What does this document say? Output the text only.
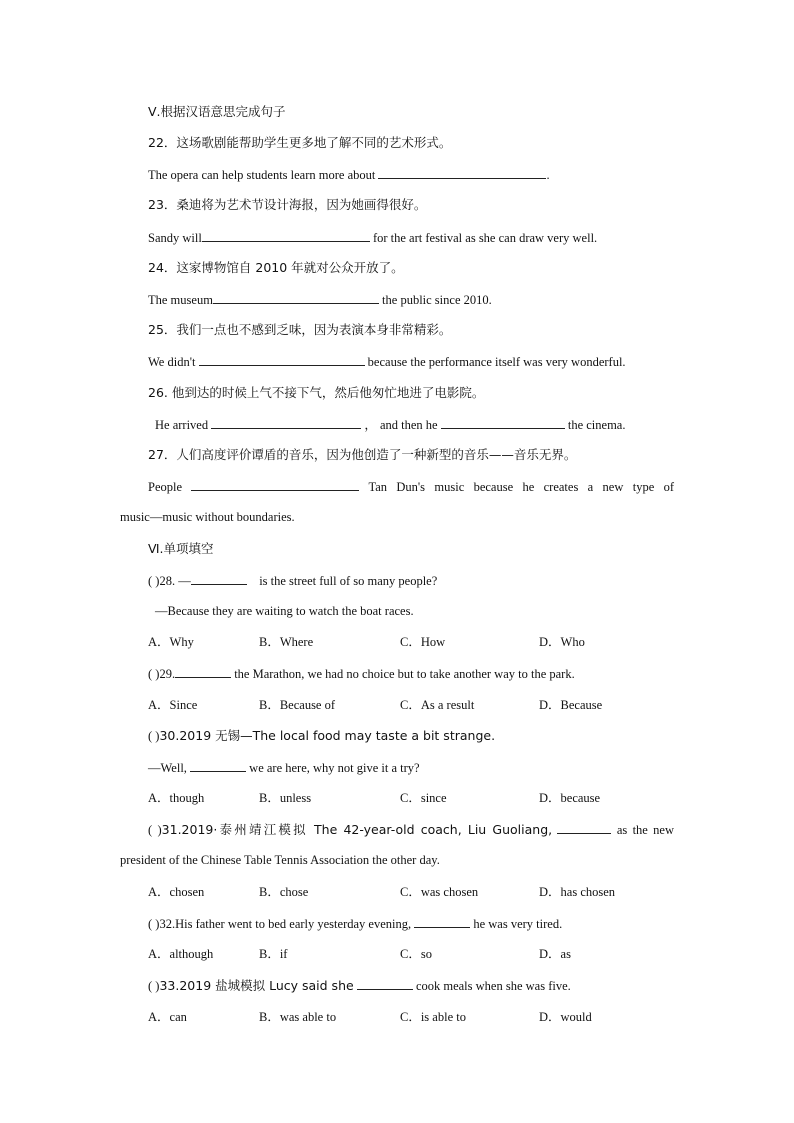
Ⅴ.根据汉语意思完成句子
22．这场歌剧能帮助学生更多地了解不同的艺术形式。
The opera can help students learn more about	.
23．桑迪将为艺术节设计海报，因为她画得很好。
Sandy will	for the art festival as she can draw very well.
24．这家博物馆自 2010 年就对公众开放了。
The museum	the public since 2010.
25．我们一点也不感到乏味，因为表演本身非常精彩。
We didn't	because the performance itself was very wonderful.
26. 他到达的时候上气不接下气，然后他匆忙地进了电影院。
He arrived	， and then he	the cinema.
27．人们高度评价谭盾的音乐，因为他创造了一种新型的音乐——音乐无界。
People	Tan Dun's music because he creates a new type of
music—music without boundaries.
Ⅵ.单项填空
( )28. —	is the street full of so many people?
—Because they are waiting to watch the boat races.
A．Why	B．Where	C．How	D．Who
( )29.	the Marathon, we had no choice but to take another way to the park.
A．Since	B．Because of	C．As a result	D．Because
( )30.2019 无锡—The local food may taste a bit strange.
—Well,	we are here, why not give it a try?
A．though	B．unless	C．since	D．because
( )31.2019·泰州靖江模拟 The 42-year-old coach, Liu Guoliang,	as the new
president of the Chinese Table Tennis Association the other day.
A．chosen	B．chose	C．was chosen	D．has chosen
( )32.His father went to bed early yesterday evening,	he was very tired.
A．although	B．if	C．so	D．as
( )33.2019 盐城模拟 Lucy said she	cook meals when she was five.
A．can	B．was able to	C．is able to	D．would
